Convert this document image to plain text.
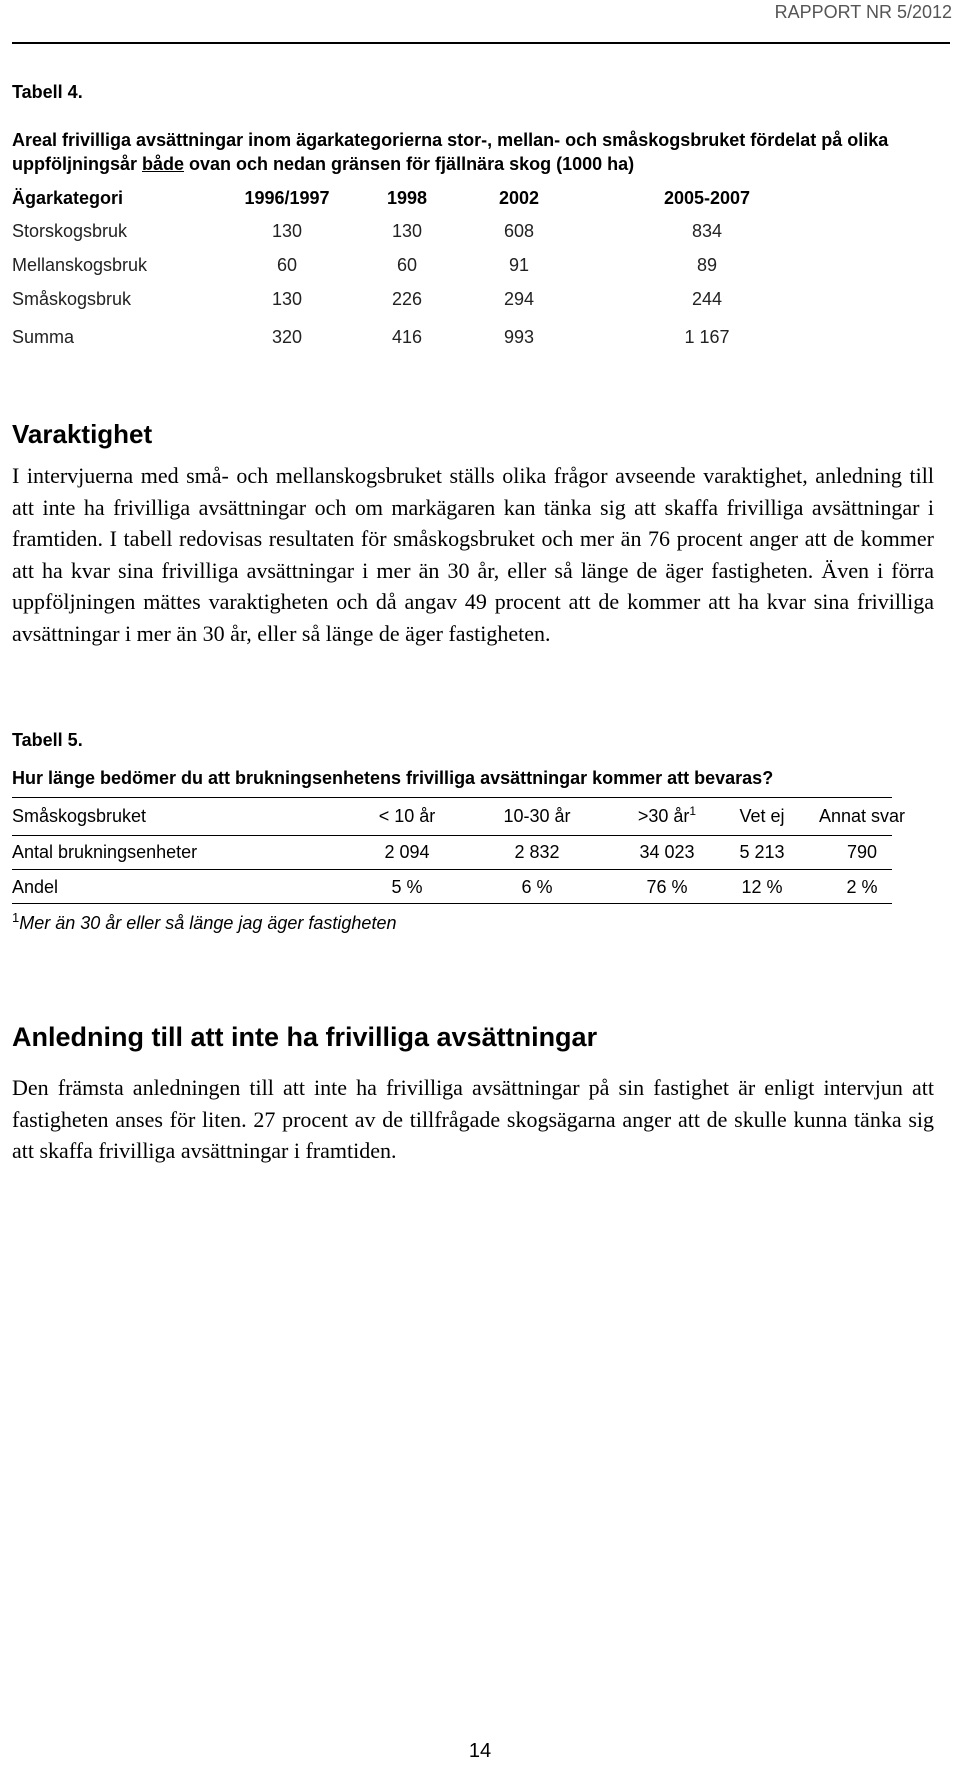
RAPPORT NR 5/2012
Tabell 4.
Areal frivilliga avsättningar inom ägarkategorierna stor-, mellan- och småskogsbruket fördelat på olika uppföljningsår både ovan och nedan gränsen för fjällnära skog (1000 ha)
Ägarkategori	1996/1997	1998	2002	2005-2007
Storskogsbruk	130	130	608	834
Mellanskogsbruk	60	60	91	89
Småskogsbruk	130	226	294	244
Summa	320	416	993	1 167
Varaktighet
I intervjuerna med små- och mellanskogsbruket ställs olika frågor avseende varaktighet, anledning till att inte ha frivilliga avsättningar och om markägaren kan tänka sig att skaffa frivilliga avsättningar i framtiden. I tabell redovisas resultaten för småskogsbruket och mer än 76 procent anger att de kommer att ha kvar sina frivilliga avsättningar i mer än 30 år, eller så länge de äger fastigheten. Även i förra uppföljningen mättes varaktigheten och då angav 49 procent att de kommer att ha kvar sina frivilliga avsättningar i mer än 30 år, eller så länge de äger fastigheten.
Tabell 5.
Hur länge bedömer du att brukningsenhetens frivilliga avsättningar kommer att bevaras?
Småskogsbruket	< 10 år	10-30 år	>30 $år^1$	Vet ej	Annat svar
Antal brukningsenheter	2 094	2 832	34 023	5 213	790
Andel	5 %	6 %	76 %	12 %	2 %
$^1$Mer än 30 år eller så länge jag äger fastigheten
Anledning till att inte ha frivilliga avsättningar
Den främsta anledningen till att inte ha frivilliga avsättningar på sin fastighet är enligt intervjun att fastigheten anses för liten. 27 procent av de tillfrågade skogsägarna anger att de skulle kunna tänka sig att skaffa frivilliga avsättningar i framtiden.
14
